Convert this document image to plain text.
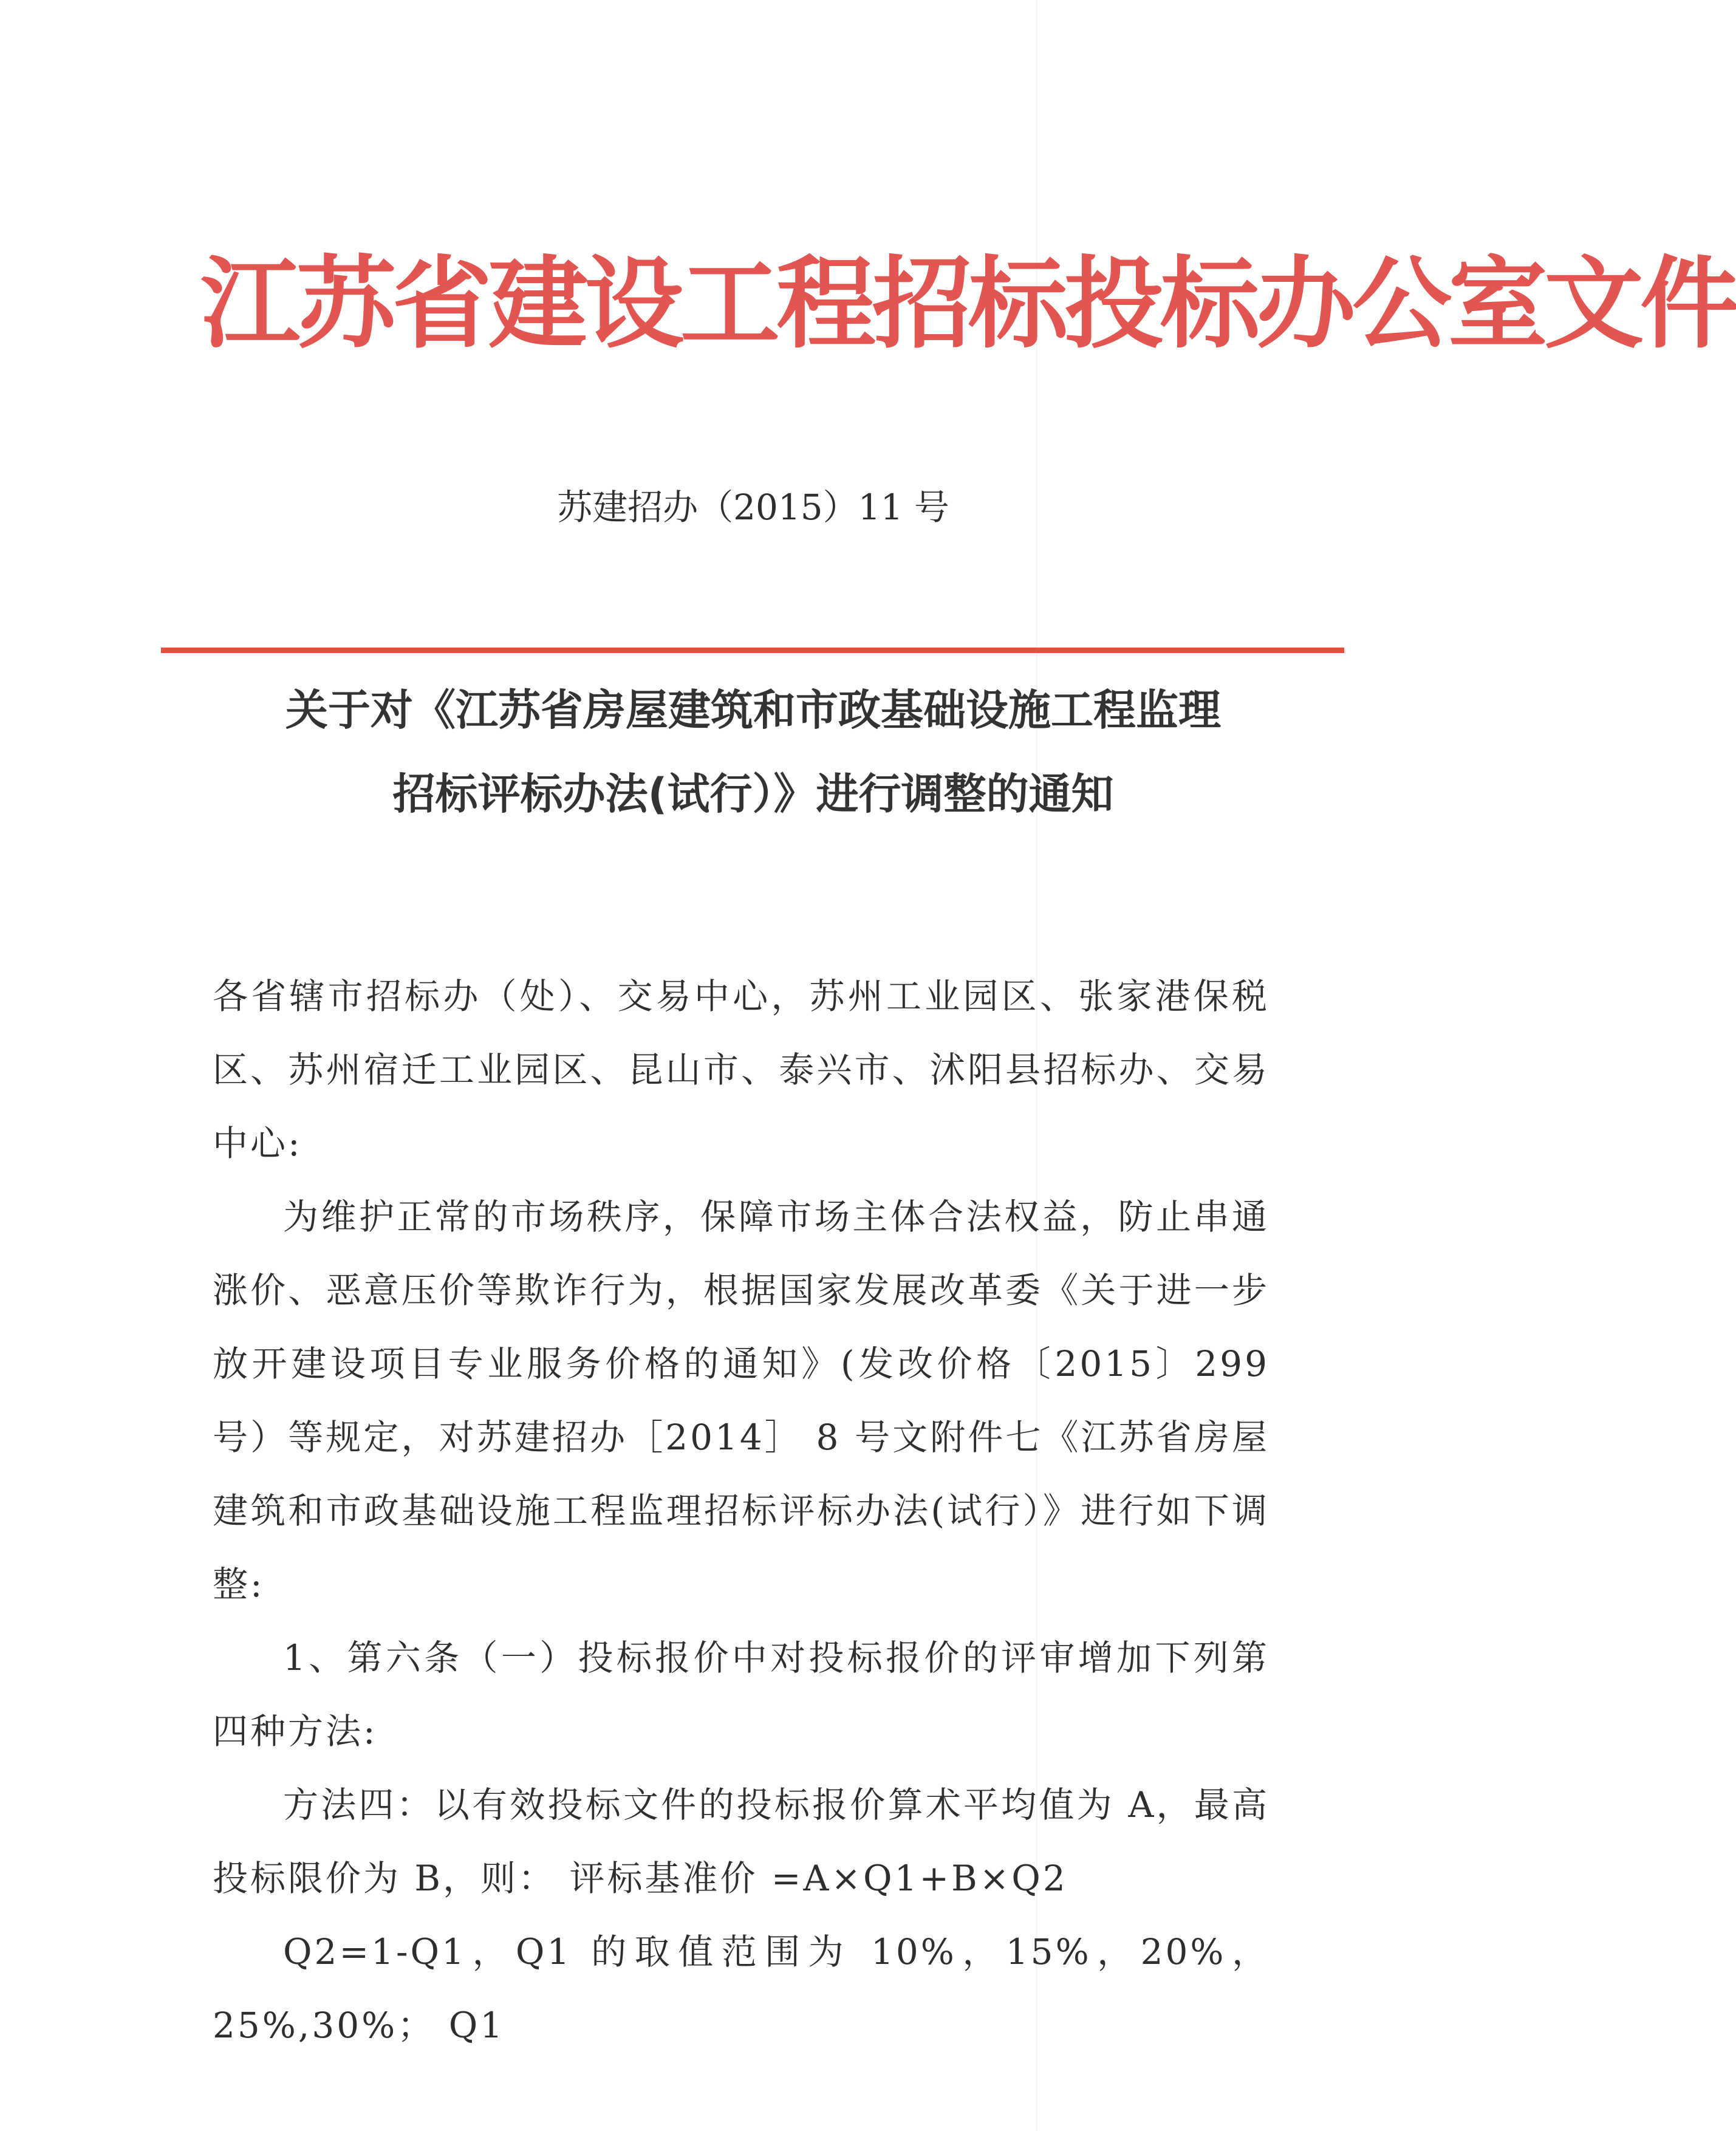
江苏省建设工程招标投标办公室文件
苏建招办（2015）11 号
关于对《江苏省房屋建筑和市政基础设施工程监理
招标评标办法(试行）》进行调整的通知

各省辖市招标办（处）、交易中心，苏州工业园区、张家港保税区、苏州宿迁工业园区、昆山市、泰兴市、沭阳县招标办、交易中心:

为维护正常的市场秩序，保障市场主体合法权益，防止串通涨价、恶意压价等欺诈行为，根据国家发展改革委《关于进一步放开建设项目专业服务价格的通知》(发改价格〔2015〕299 号）等规定，对苏建招办［2014］ 8 号文附件七《江苏省房屋建筑和市政基础设施工程监理招标评标办法(试行）》进行如下调整:

1、第六条（一）投标报价中对投标报价的评审增加下列第四种方法:

方法四：以有效投标文件的投标报价算术平均值为 A，最高投标限价为 B，则： 评标基准价 =A×Q1+B×Q2

Q2=1-Q1，Q1 的取值范围为 10%，15%，20%，25%,30%； Q1
